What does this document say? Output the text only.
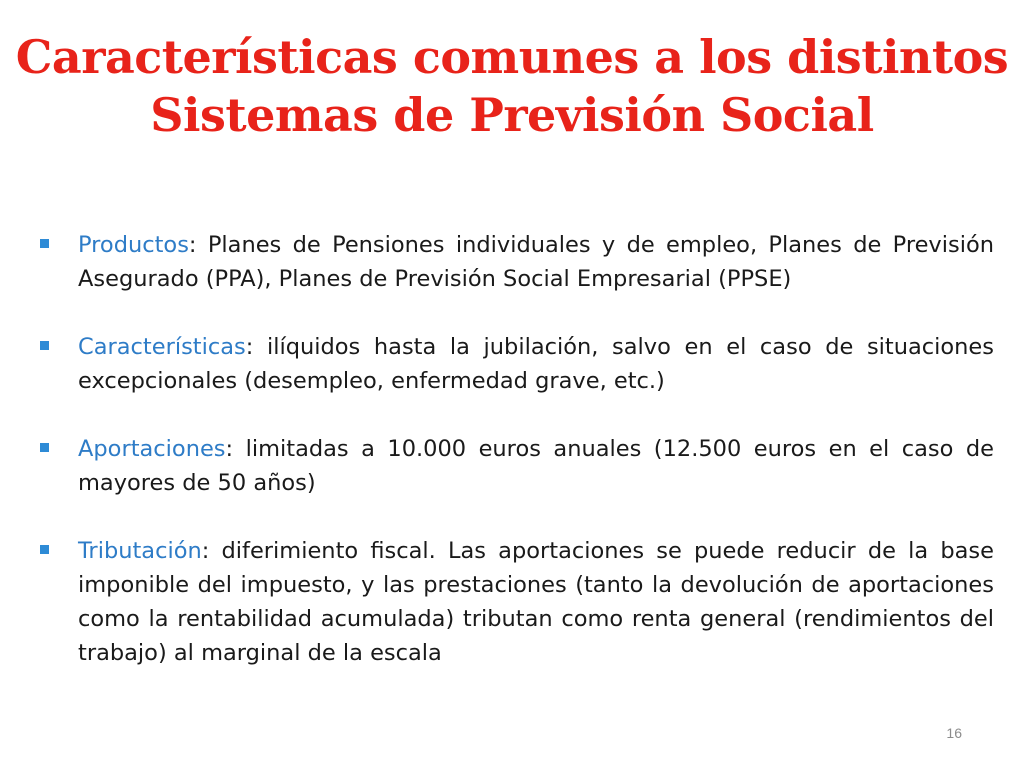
Características comunes a los distintos
Sistemas de Previsión Social
Productos: Planes de Pensiones individuales y de empleo, Planes de Previsión Asegurado (PPA), Planes de Previsión Social Empresarial (PPSE)
Características: ilíquidos hasta la jubilación, salvo en el caso de situaciones excepcionales (desempleo, enfermedad grave, etc.)
Aportaciones: limitadas a 10.000 euros anuales (12.500 euros en el caso de mayores de 50 años)
Tributación: diferimiento fiscal. Las aportaciones se puede reducir de la base imponible del impuesto, y las prestaciones (tanto la devolución de aportaciones como la rentabilidad acumulada) tributan como renta general (rendimientos del trabajo) al marginal de la escala
16
